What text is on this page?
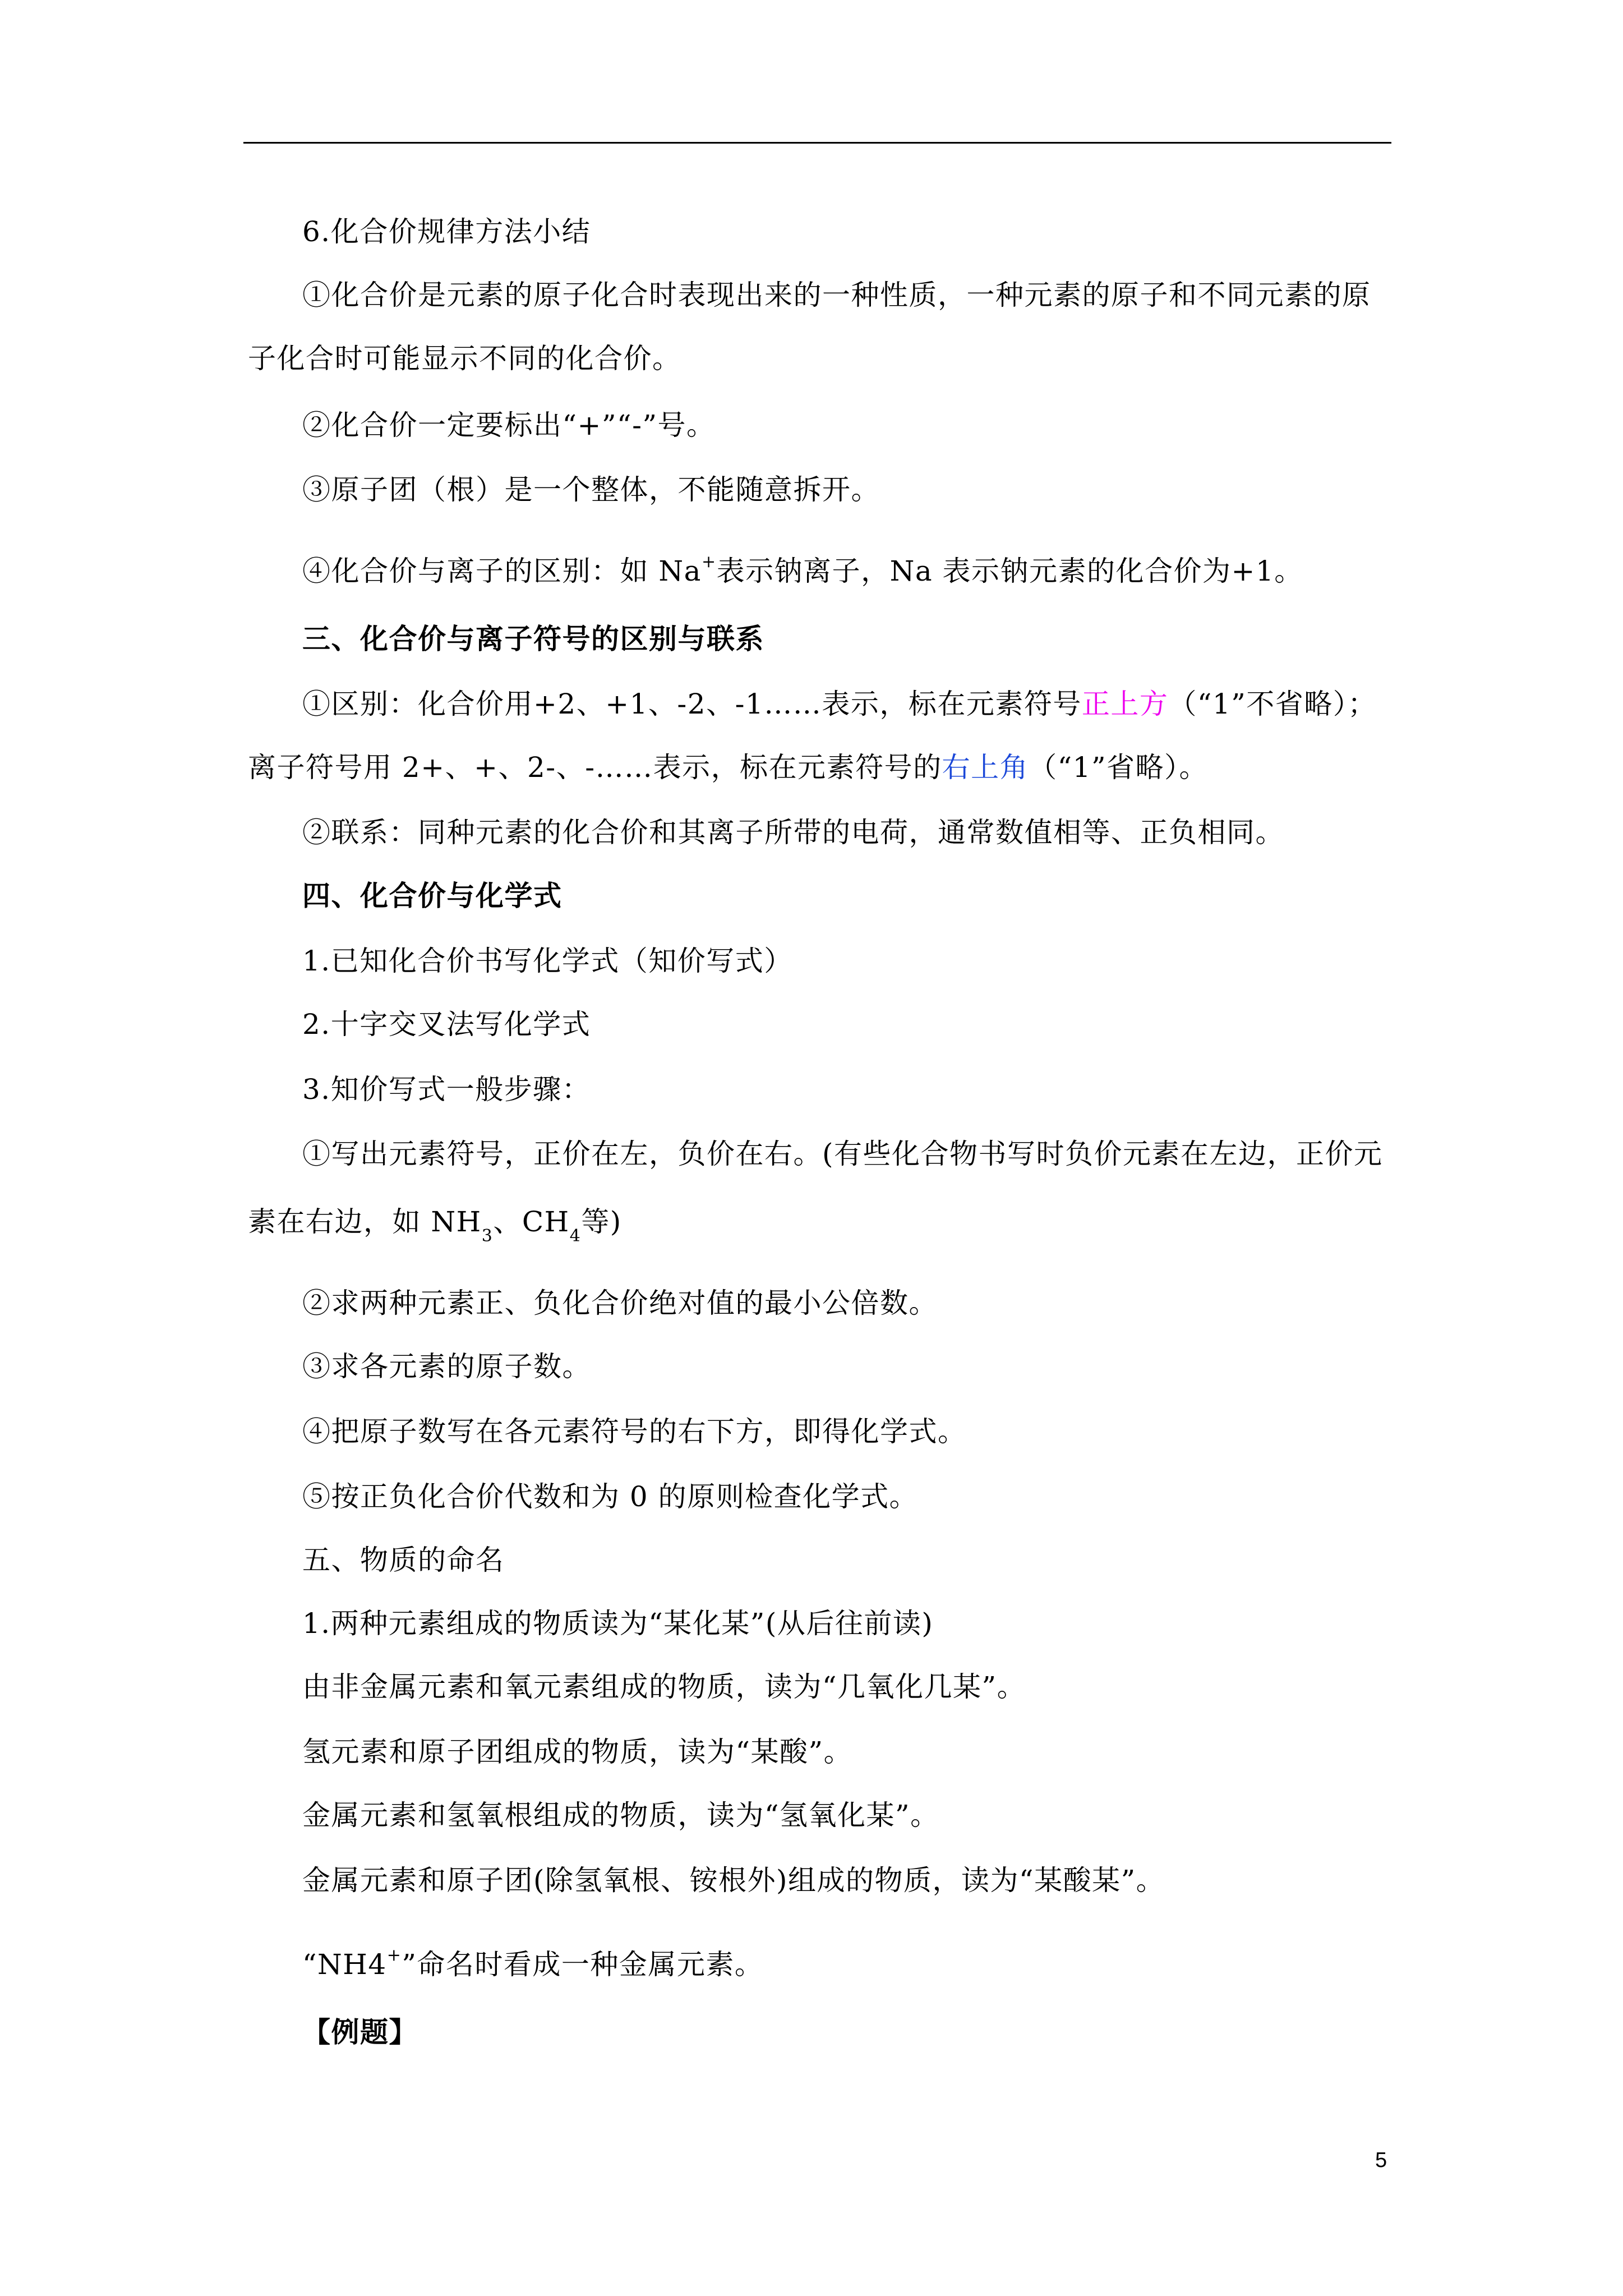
6.化合价规律方法小结
①化合价是元素的原子化合时表现出来的一种性质，一种元素的原子和不同元素的原
子化合时可能显示不同的化合价。
②化合价一定要标出“+”“-”号。
③原子团（根）是一个整体，不能随意拆开。
④化合价与离子的区别：如 Na+表示钠离子，Na 表示钠元素的化合价为+1。
三、化合价与离子符号的区别与联系
①区别：化合价用+2、+1、-2、-1……表示，标在元素符号正上方（“1”不省略）；
离子符号用 2+、+、2-、-……表示，标在元素符号的右上角（“1”省略）。
②联系：同种元素的化合价和其离子所带的电荷，通常数值相等、正负相同。
四、化合价与化学式
1.已知化合价书写化学式（知价写式）
2.十字交叉法写化学式
3.知价写式一般步骤：
①写出元素符号，正价在左，负价在右。(有些化合物书写时负价元素在左边，正价元
素在右边，如 $NH_3$、$CH_4$等)
②求两种元素正、负化合价绝对值的最小公倍数。
③求各元素的原子数。
④把原子数写在各元素符号的右下方，即得化学式。
⑤按正负化合价代数和为 0 的原则检查化学式。
五、物质的命名
1.两种元素组成的物质读为“某化某”(从后往前读)
由非金属元素和氧元素组成的物质，读为“几氧化几某”。
氢元素和原子团组成的物质，读为“某酸”。
金属元素和氢氧根组成的物质，读为“氢氧化某”。
金属元素和原子团(除氢氧根、铵根外)组成的物质，读为“某酸某”。
“NH4+”命名时看成一种金属元素。
【例题】
5
